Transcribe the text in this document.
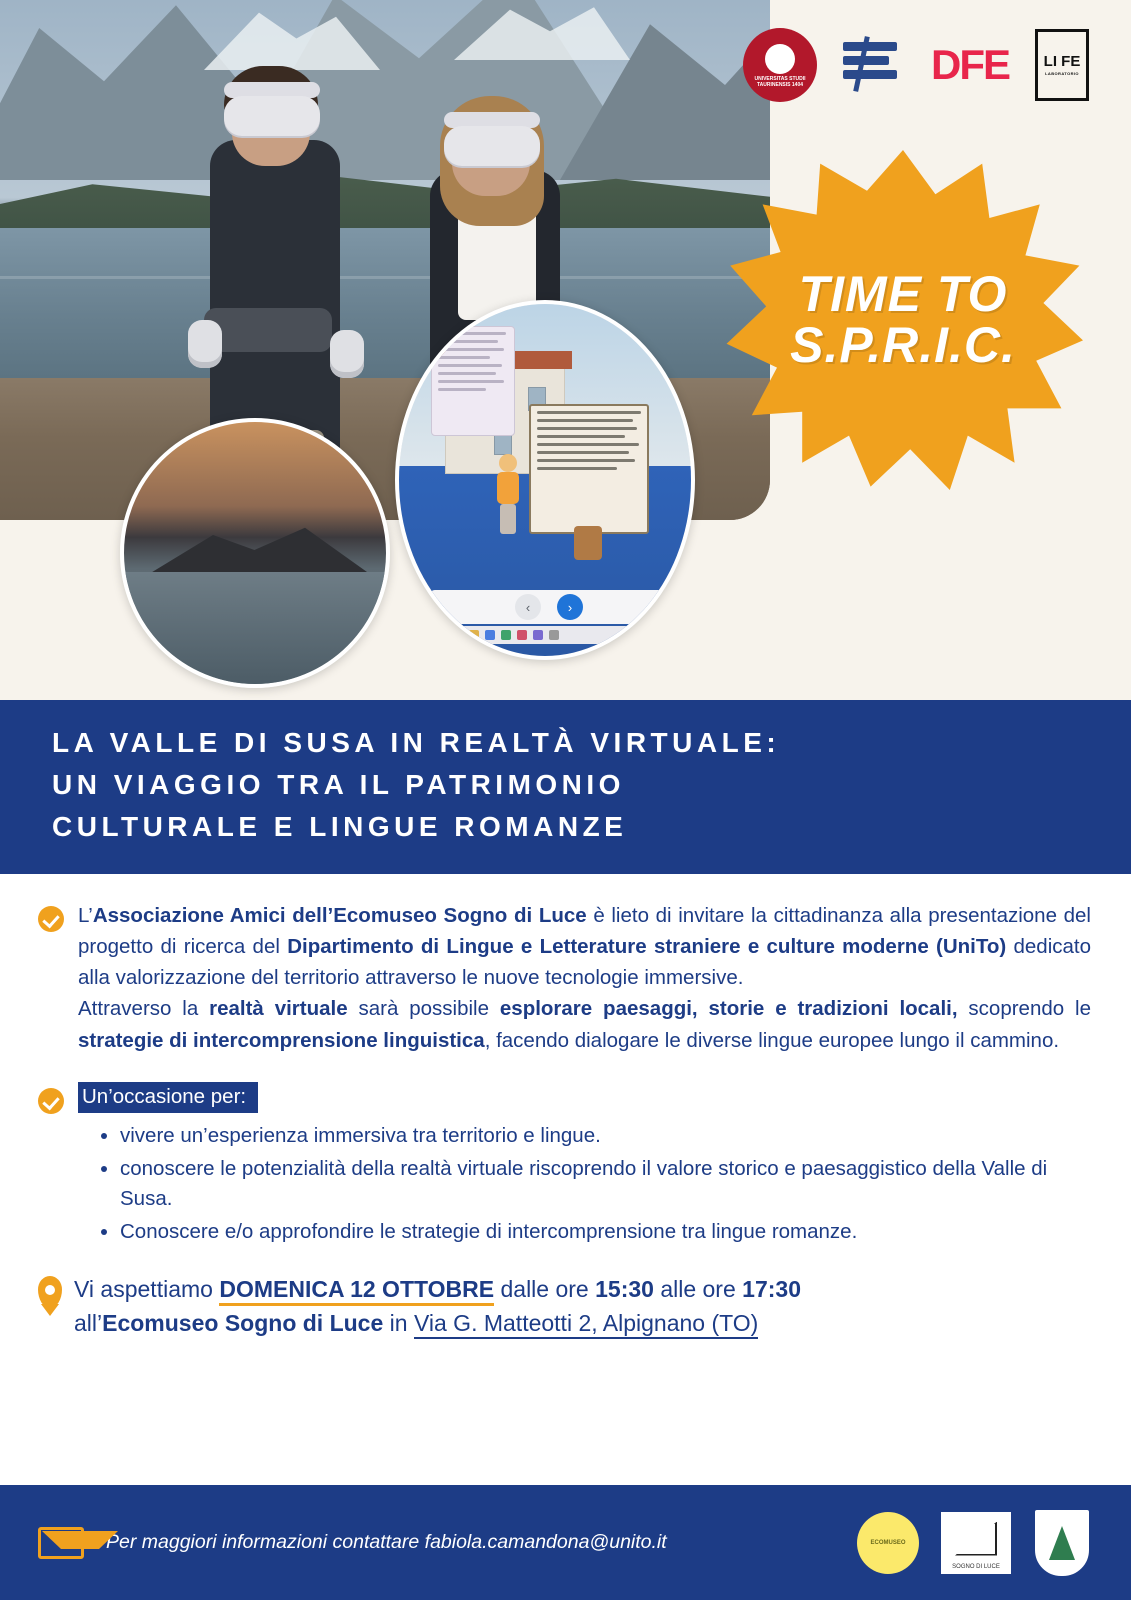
‹	›
TIME TO
S.P.R.I.C.
UNIVERSITAS STUDII TAURINENSIS 1404	DFE LI FE
LABORATORIO
LA VALLE DI SUSA IN REALTÀ VIRTUALE:
UN VIAGGIO TRA IL PATRIMONIO
CULTURALE E LINGUE ROMANZE

L’Associazione Amici dell’Ecomuseo Sogno di Luce è lieto di invitare la cittadinanza alla presentazione del progetto di ricerca del Dipartimento di Lingue e Letterature straniere e culture moderne (UniTo) dedicato alla valorizzazione del territorio attraverso le nuove tecnologie immersive.
Attraverso la realtà virtuale sarà possibile esplorare paesaggi, storie e tradizioni locali, scoprendo le strategie di intercomprensione linguistica, facendo dialogare le diverse lingue europee lungo il cammino.

Un’occasione per:
• vivere un’esperienza immersiva tra territorio e lingue.
• conoscere le potenzialità della realtà virtuale riscoprendo il valore storico e paesaggistico della Valle di Susa.
• Conoscere e/o approfondire le strategie di intercomprensione tra lingue romanze.
Vi aspettiamo DOMENICA 12 OTTOBRE dalle ore 15:30 alle ore 17:30
all’Ecomuseo Sogno di Luce in Via G. Matteotti 2, Alpignano (TO)
Per maggiori informazioni contattare fabiola.camandona@unito.it	ECOMUSEO
SOGNO DI LUCE
